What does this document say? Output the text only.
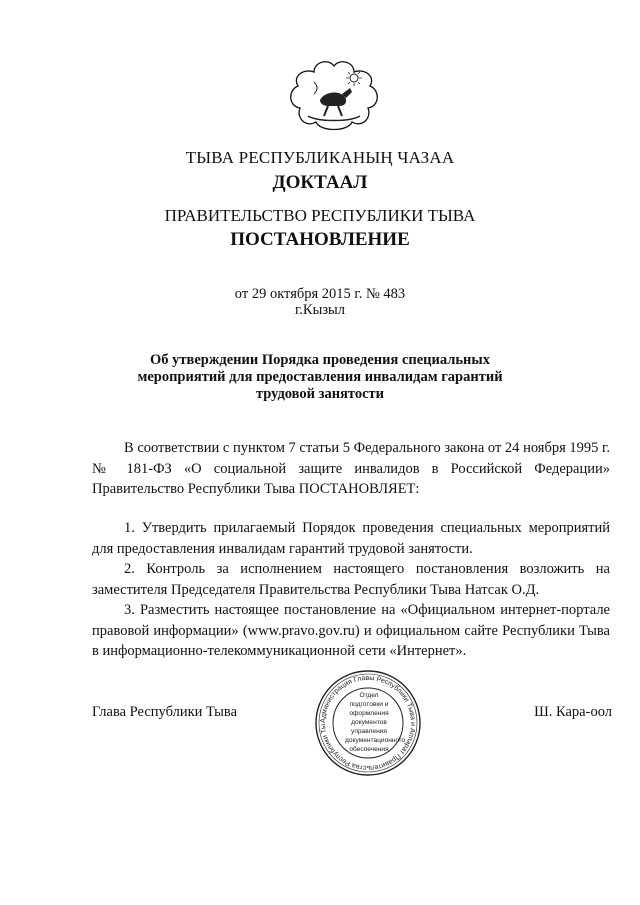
ТЫВА РЕСПУБЛИКАНЫҢ ЧАЗАА
ДОКТААЛ
ПРАВИТЕЛЬСТВО РЕСПУБЛИКИ ТЫВА
ПОСТАНОВЛЕНИЕ
от 29 октября 2015 г. № 483
г.Кызыл
Об утверждении Порядка проведения специальных
мероприятий для предоставления инвалидам гарантий
трудовой занятости

В соответствии с пунктом 7 статьи 5 Федерального закона от 24 ноября 1995 г. № 181-ФЗ «О социальной защите инвалидов в Российской Федерации» Правительство Республики Тыва ПОСТАНОВЛЯЕТ:

1. Утвердить прилагаемый Порядок проведения специальных мероприятий для предоставления инвалидам гарантий трудовой занятости.

2. Контроль за исполнением настоящего постановления возложить на заместителя Председателя Правительства Республики Тыва Натсак О.Д.

3. Разместить настоящее постановление на «Официальном интернет-портале правовой информации» (www.pravo.gov.ru) и официальном сайте Республики Тыва в информационно-телекоммуникационной сети «Интернет».

Глава Республики Тыва	Ш. Кара-оол
Администрация Главы Республики Тыва и Аппарат Правительства Республики Ты
Отдел
подготовки и
оформления документов
управления
документационного
обеспечения
